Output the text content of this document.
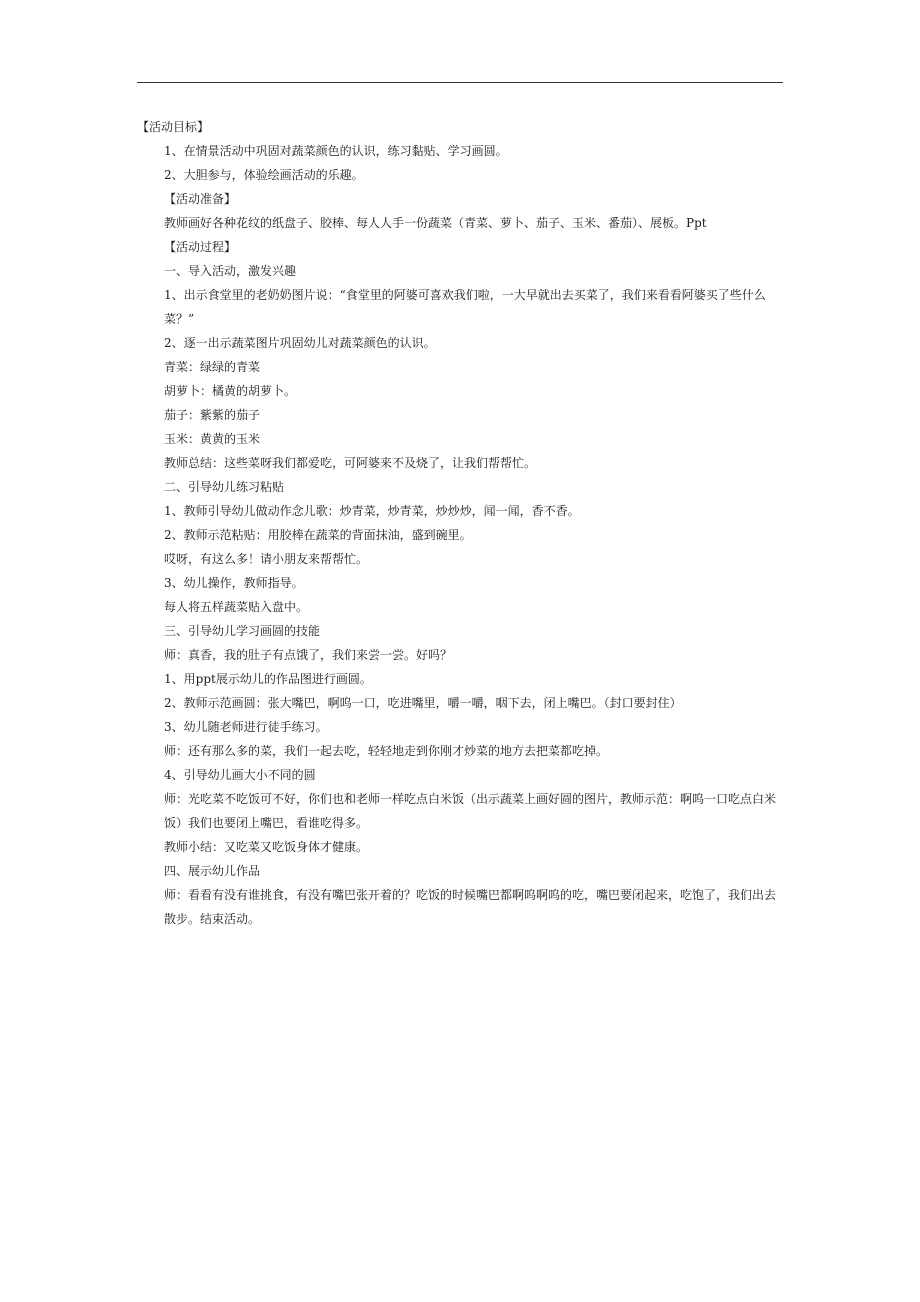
【活动目标】

1、在情景活动中巩固对蔬菜颜色的认识，练习黏贴、学习画圆。

2、大胆参与，体验绘画活动的乐趣。

【活动准备】

教师画好各种花纹的纸盘子、胶棒、每人人手一份蔬菜（青菜、萝卜、茄子、玉米、番茄）、展板。Ppt

【活动过程】

一、导入活动，激发兴趣

1、出示食堂里的老奶奶图片说：“食堂里的阿婆可喜欢我们啦，一大早就出去买菜了，我们来看看阿婆买了些什么菜？”

2、逐一出示蔬菜图片巩固幼儿对蔬菜颜色的认识。

青菜：绿绿的青菜

胡萝卜：橘黄的胡萝卜。

茄子：紫紫的茄子

玉米：黄黄的玉米

教师总结：这些菜呀我们都爱吃，可阿婆来不及烧了，让我们帮帮忙。

二、引导幼儿练习粘贴

1、教师引导幼儿做动作念儿歌：炒青菜，炒青菜，炒炒炒，闻一闻，香不香。

2、教师示范粘贴：用胶棒在蔬菜的背面抹油，盛到碗里。

哎呀，有这么多！请小朋友来帮帮忙。

3、幼儿操作，教师指导。

每人将五样蔬菜贴入盘中。

三、引导幼儿学习画圆的技能

师：真香，我的肚子有点饿了，我们来尝一尝。好吗？

1、用ppt展示幼儿的作品图进行画圆。

2、教师示范画圆：张大嘴巴，啊呜一口，吃进嘴里，嚼一嚼，咽下去，闭上嘴巴。（封口要封住）

3、幼儿随老师进行徒手练习。

师：还有那么多的菜，我们一起去吃，轻轻地走到你刚才炒菜的地方去把菜都吃掉。

4、引导幼儿画大小不同的圆

师：光吃菜不吃饭可不好，你们也和老师一样吃点白米饭（出示蔬菜上画好圆的图片，教师示范：啊呜一口吃点白米饭）我们也要闭上嘴巴，看谁吃得多。

教师小结：又吃菜又吃饭身体才健康。

四、展示幼儿作品

师：看看有没有谁挑食，有没有嘴巴张开着的？吃饭的时候嘴巴都啊呜啊呜的吃，嘴巴要闭起来，吃饱了，我们出去散步。结束活动。
